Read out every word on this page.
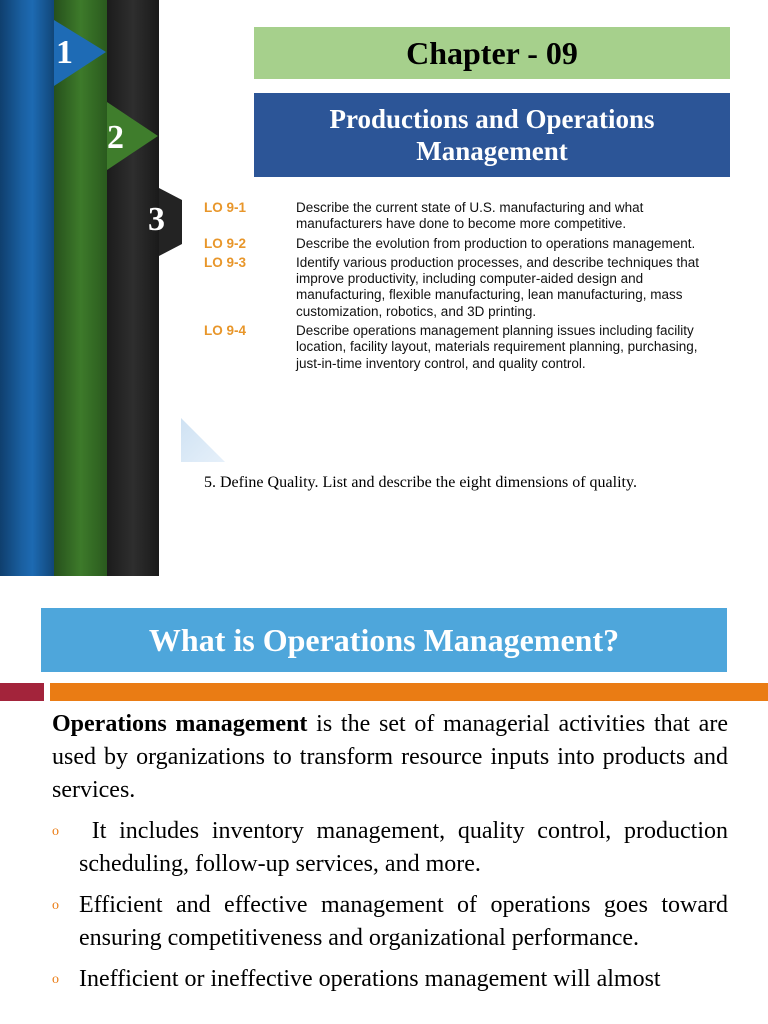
1
2
3
Chapter - 09
Productions and Operations
Management
LO 9-1	Describe the current state of U.S. manufacturing and what manufacturers have done to become more competitive.
LO 9-2	Describe the evolution from production to operations management.
LO 9-3	Identify various production processes, and describe techniques that improve productivity, including computer-aided design and manufacturing, flexible manufacturing, lean manufacturing, mass customization, robotics, and 3D printing.
LO 9-4	Describe operations management planning issues including facility location, facility layout, materials requirement planning, purchasing, just-in-time inventory control, and quality control.
5. Define Quality. List and describe the eight dimensions of quality.
What is Operations Management?

Operations management is the set of managerial activities that are used by organizations to transform resource inputs into products and services.

o It includes inventory management, quality control, production scheduling, follow-up services, and more.

o Efficient and effective management of operations goes toward ensuring competitiveness and organizational performance.

o Inefficient or ineffective operations management will almost
